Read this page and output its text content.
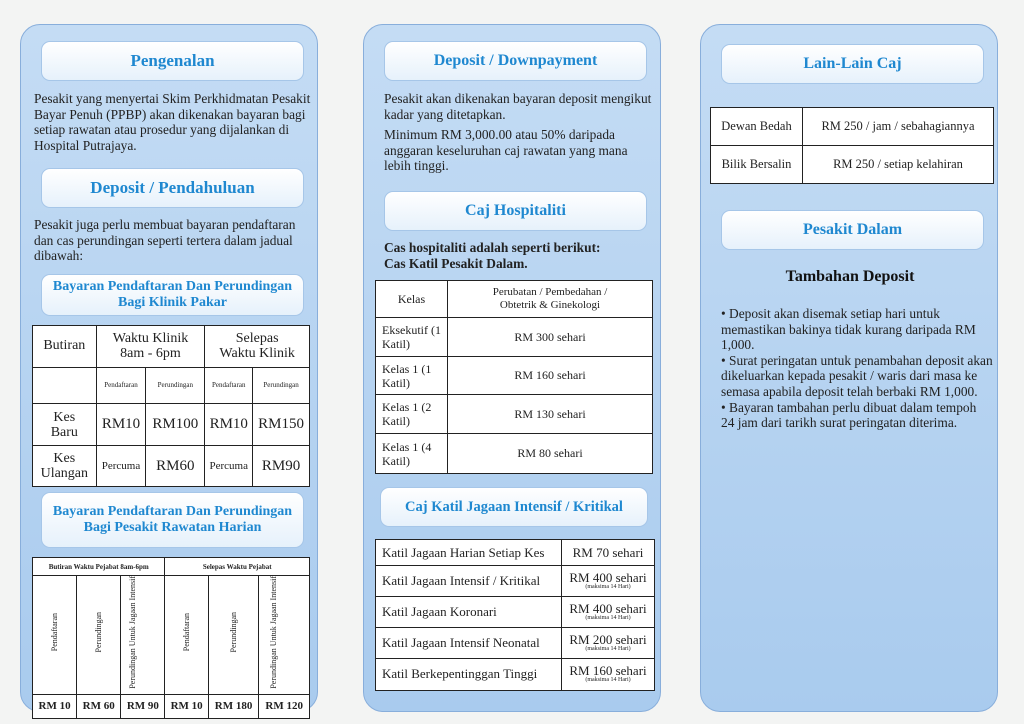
Pengenalan
Pesakit yang menyertai Skim Perkhidmatan Pesakit Bayar Penuh (PPBP) akan dikenakan bayaran bagi setiap rawatan atau prosedur yang dijalankan di Hospital Putrajaya.
Deposit / Pendahuluan
Pesakit juga perlu membuat bayaran pendaftaran dan cas perundingan seperti tertera dalam jadual dibawah:
Bayaran Pendaftaran Dan Perundingan Bagi Klinik Pakar
Butiran	Waktu Klinik 8am - 6pm		Selepas Waktu Klinik	
	Pendaftaran	Perundingan	Pendaftaran	Perundingan
Kes Baru	RM10	RM100	RM10	RM150
Kes Ulangan	Percuma	RM60	Percuma	RM90
Bayaran Pendaftaran Dan Perundingan Bagi Pesakit Rawatan Harian
Butiran Waktu Pejabat 8am-6pm			Selepas Waktu Pejabat		
Pendaftaran	Perundingan	Perundingan Untuk Jagaan Intensif	Pendaftaran	Perundingan	Perundingan Untuk Jagaan Intensif
RM 10	RM 60	RM 90	RM 10	RM 180	RM 120
Deposit / Downpayment
Pesakit akan dikenakan bayaran deposit mengikut kadar yang ditetapkan.
Minimum RM 3,000.00 atau 50% daripada anggaran keseluruhan caj rawatan yang mana lebih tinggi.
Caj Hospitaliti
Cas hospitaliti adalah seperti berikut:
Cas Katil Pesakit Dalam.
Kelas	Perubatan / Pembedahan / Obtetrik & Ginekologi
Eksekutif (1 Katil)	RM 300 sehari
Kelas 1 (1 Katil)	RM 160 sehari
Kelas 1 (2 Katil)	RM 130 sehari
Kelas 1 (4 Katil)	RM 80 sehari
Caj Katil Jagaan Intensif / Kritikal
Katil Jagaan Harian Setiap Kes	RM 70 sehari
Katil Jagaan Intensif / Kritikal	RM 400 sehari
(maksima 14 Hari)

Katil Jagaan Koronari	RM 400 sehari
(maksima 14 Hari)

Katil Jagaan Intensif Neonatal	RM 200 sehari
(maksima 14 Hari)

Katil Berkepentinggan Tinggi	RM 160 sehari
(maksima 14 Hari)
Lain-Lain Caj
Dewan Bedah	RM 250 / jam / sebahagiannya
Bilik Bersalin	RM 250 / setiap kelahiran
Pesakit Dalam
Tambahan Deposit
• Deposit akan disemak setiap hari untuk memastikan bakinya tidak kurang daripada RM 1,000.
• Surat peringatan untuk penambahan deposit akan dikeluarkan kepada pesakit / waris dari masa ke semasa apabila deposit telah berbaki RM 1,000.
• Bayaran tambahan perlu dibuat dalam tempoh 24 jam dari tarikh surat peringatan diterima.
